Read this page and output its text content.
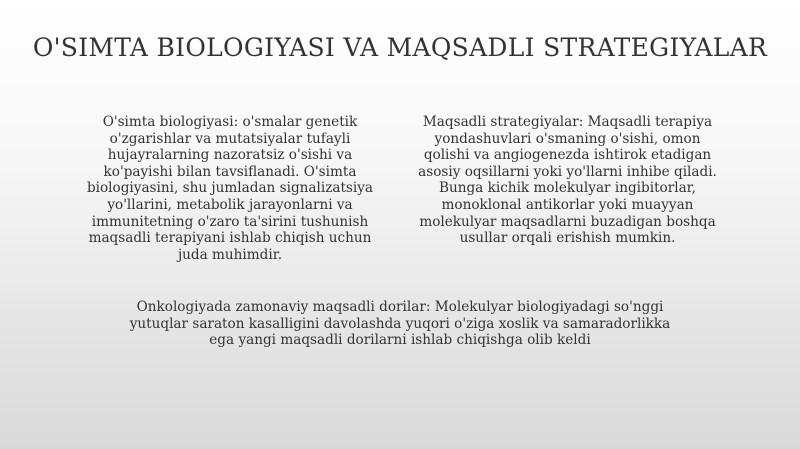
O'SIMTA BIOLOGIYASI VA MAQSADLI STRATEGIYALAR
O'simta biologiyasi: o'smalar genetik o'zgarishlar va mutatsiyalar tufayli hujayralarning nazoratsiz o'sishi va ko'payishi bilan tavsiflanadi. O'simta biologiyasini, shu jumladan signalizatsiya yo'llarini, metabolik jarayonlarni va immunitetning o'zaro ta'sirini tushunish maqsadli terapiyani ishlab chiqish uchun juda muhimdir.
Maqsadli strategiyalar: Maqsadli terapiya yondashuvlari o'smaning o'sishi, omon qolishi va angiogenezda ishtirok etadigan asosiy oqsillarni yoki yo'llarni inhibe qiladi. Bunga kichik molekulyar ingibitorlar, monoklonal antikorlar yoki muayyan molekulyar maqsadlarni buzadigan boshqa usullar orqali erishish mumkin.
Onkologiyada zamonaviy maqsadli dorilar: Molekulyar biologiyadagi so'nggi yutuqlar saraton kasalligini davolashda yuqori o'ziga xoslik va samaradorlikka ega yangi maqsadli dorilarni ishlab chiqishga olib keldi
